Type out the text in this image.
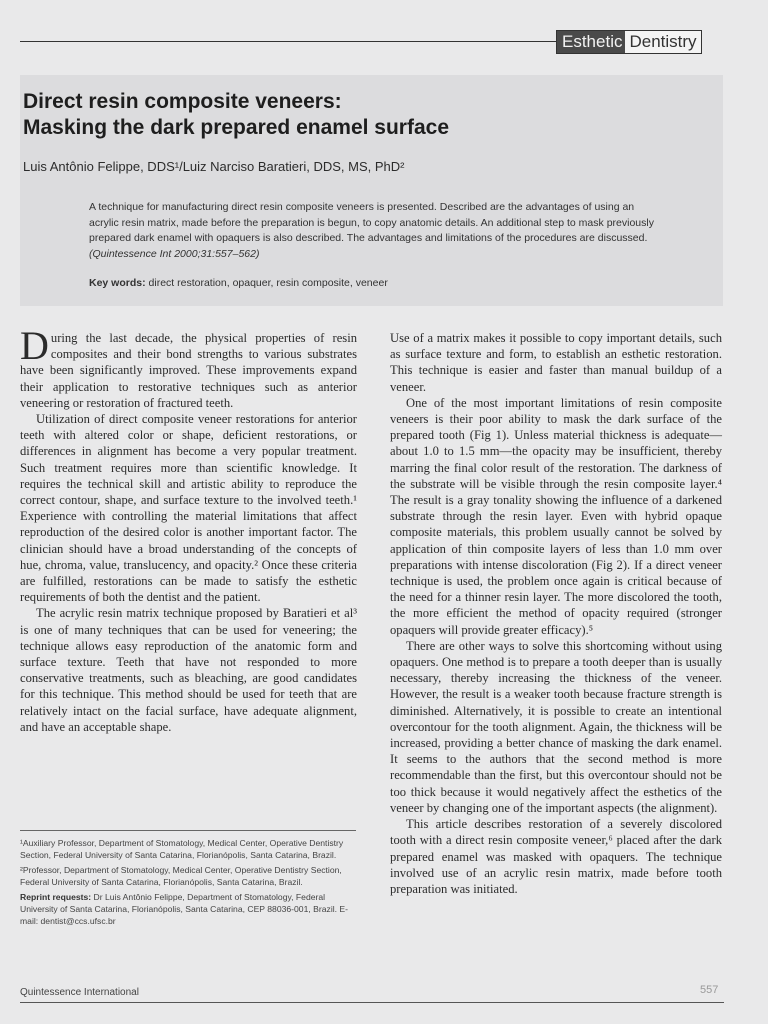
Esthetic Dentistry
Direct resin composite veneers:
Masking the dark prepared enamel surface
Luis Antônio Felippe, DDS¹/Luiz Narciso Baratieri, DDS, MS, PhD²
A technique for manufacturing direct resin composite veneers is presented. Described are the advantages of using an acrylic resin matrix, made before the preparation is begun, to copy anatomic details. An additional step to mask previously prepared dark enamel with opaquers is also described. The advantages and limitations of the procedures are discussed. (Quintessence Int 2000;31:557–562)
Key words: direct restoration, opaquer, resin composite, veneer

During the last decade, the physical properties of resin composites and their bond strengths to various substrates have been significantly improved. These improvements expand their application to restorative techniques such as anterior veneering or restoration of fractured teeth.

Utilization of direct composite veneer restorations for anterior teeth with altered color or shape, deficient restorations, or differences in alignment has become a very popular treatment. Such treatment requires more than scientific knowledge. It requires the technical skill and artistic ability to reproduce the correct contour, shape, and surface texture to the involved teeth.¹ Experience with controlling the material limitations that affect reproduction of the desired color is another important factor. The clinician should have a broad understanding of the concepts of hue, chroma, value, translucency, and opacity.² Once these criteria are fulfilled, restorations can be made to satisfy the esthetic requirements of both the dentist and the patient.

The acrylic resin matrix technique proposed by Baratieri et al³ is one of many techniques that can be used for veneering; the technique allows easy reproduction of the anatomic form and surface texture. Teeth that have not responded to more conservative treatments, such as bleaching, are good candidates for this technique. This method should be used for teeth that are relatively intact on the facial surface, have adequate alignment, and have an acceptable shape.

Use of a matrix makes it possible to copy important details, such as surface texture and form, to establish an esthetic restoration. This technique is easier and faster than manual buildup of a veneer.

One of the most important limitations of resin composite veneers is their poor ability to mask the dark surface of the prepared tooth (Fig 1). Unless material thickness is adequate—about 1.0 to 1.5 mm—the opacity may be insufficient, thereby marring the final color result of the restoration. The darkness of the substrate will be visible through the resin composite layer.⁴ The result is a gray tonality showing the influence of a darkened substrate through the resin layer. Even with hybrid opaque composite materials, this problem usually cannot be solved by application of thin composite layers of less than 1.0 mm over preparations with intense discoloration (Fig 2). If a direct veneer technique is used, the problem once again is critical because of the need for a thinner resin layer. The more discolored the tooth, the more efficient the method of opacity required (stronger opaquers will provide greater efficacy).⁵

There are other ways to solve this shortcoming without using opaquers. One method is to prepare a tooth deeper than is usually necessary, thereby increasing the thickness of the veneer. However, the result is a weaker tooth because fracture strength is diminished. Alternatively, it is possible to create an intentional overcontour for the tooth alignment. Again, the thickness will be increased, providing a better chance of masking the dark enamel. It seems to the authors that the second method is more recommendable than the first, but this overcontour should not be too thick because it would negatively affect the esthetics of the veneer by changing one of the important aspects (the alignment).

This article describes restoration of a severely discolored tooth with a direct resin composite veneer,⁶ placed after the dark prepared enamel was masked with opaquers. The technique involved use of an acrylic resin matrix, made before tooth preparation was initiated.

¹Auxiliary Professor, Department of Stomatology, Medical Center, Operative Dentistry Section, Federal University of Santa Catarina, Florianópolis, Santa Catarina, Brazil.

²Professor, Department of Stomatology, Medical Center, Operative Dentistry Section, Federal University of Santa Catarina, Florianópolis, Santa Catarina, Brazil.

Reprint requests: Dr Luis Antônio Felippe, Department of Stomatology, Federal University of Santa Catarina, Florianópolis, Santa Catarina, CEP 88036-001, Brazil. E-mail: dentist@ccs.ufsc.br

Quintessence International	557
